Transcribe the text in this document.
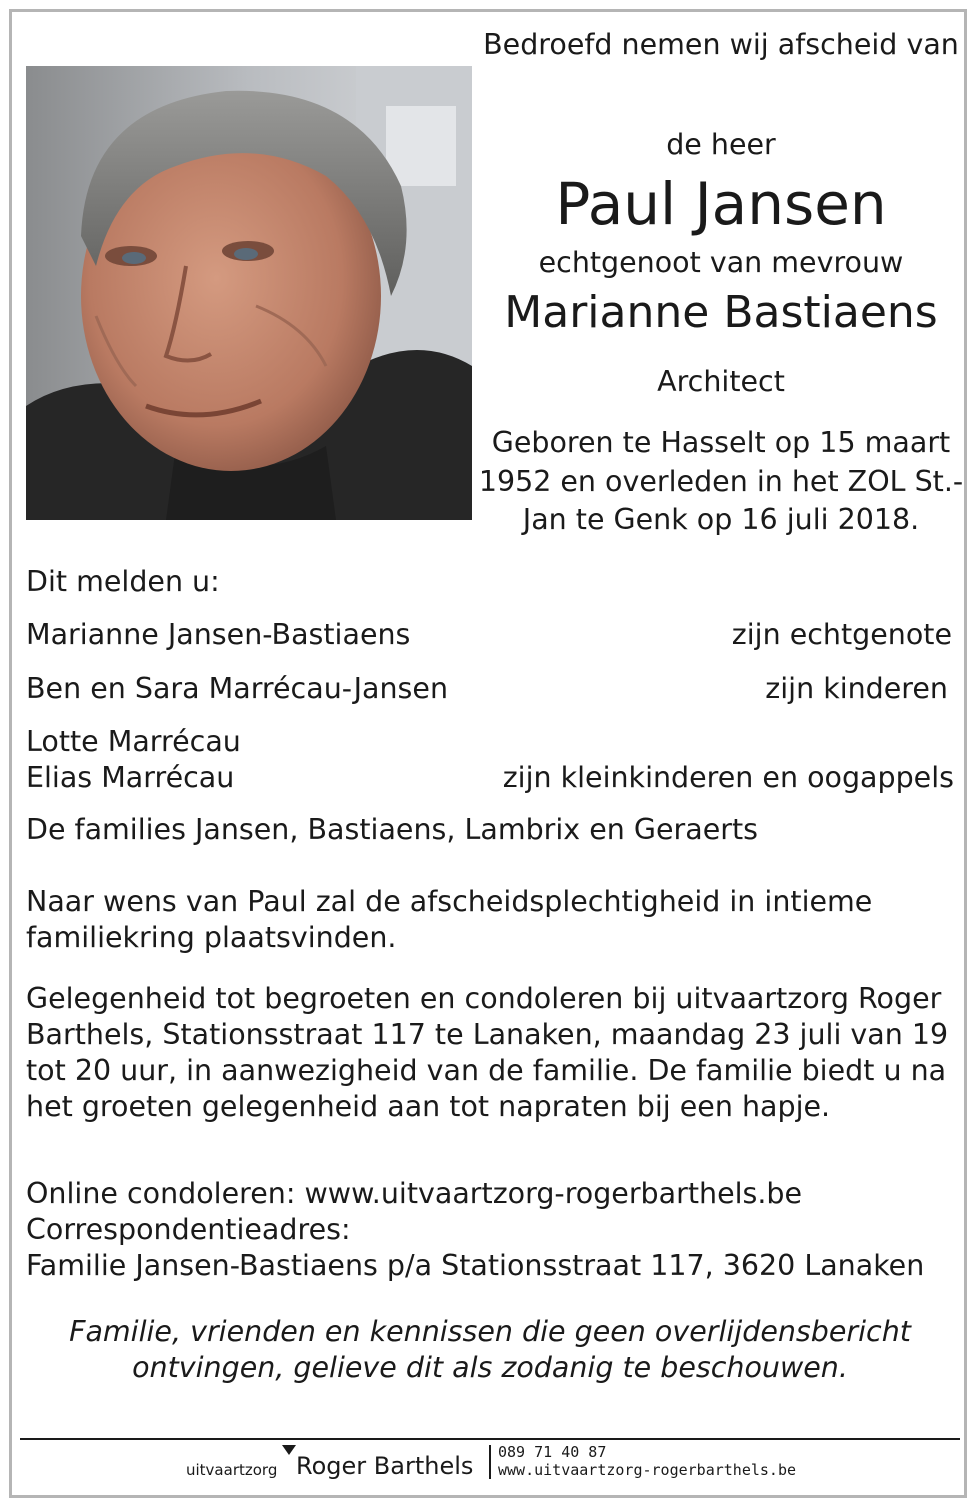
Bedroefd nemen wij afscheid van

de heer

Paul Jansen

echtgenoot van mevrouw

Marianne Bastiaens

Architect

Geboren te Hasselt op 15 maart 1952 en overleden in het ZOL St.-Jan te Genk op 16 juli 2018.

Dit melden u:

Marianne Jansen-Bastiaens	zijn echtgenote
Ben en Sara Marrécau-Jansen	zijn kinderen
Lotte Marrécau
Elias Marrécau	zijn kleinkinderen en oogappels

De families Jansen, Bastiaens, Lambrix en Geraerts

Naar wens van Paul zal de afscheidsplechtigheid in intieme familiekring plaatsvinden.

Gelegenheid tot begroeten en condoleren bij uitvaartzorg Roger Barthels, Stationsstraat 117 te Lanaken, maandag 23 juli van 19 tot 20 uur, in aanwezigheid van de familie. De familie biedt u na het groeten gelegenheid aan tot napraten bij een hapje.

Online condoleren: www.uitvaartzorg-rogerbarthels.be

Correspondentieadres:

Familie Jansen-Bastiaens p/a Stationsstraat 117, 3620 Lanaken

Familie, vrienden en kennissen die geen overlijdensbericht ontvingen, gelieve dit als zodanig te beschouwen.

uitvaartzorg Roger Barthels 089 71 40 87
www.uitvaartzorg-rogerbarthels.be
